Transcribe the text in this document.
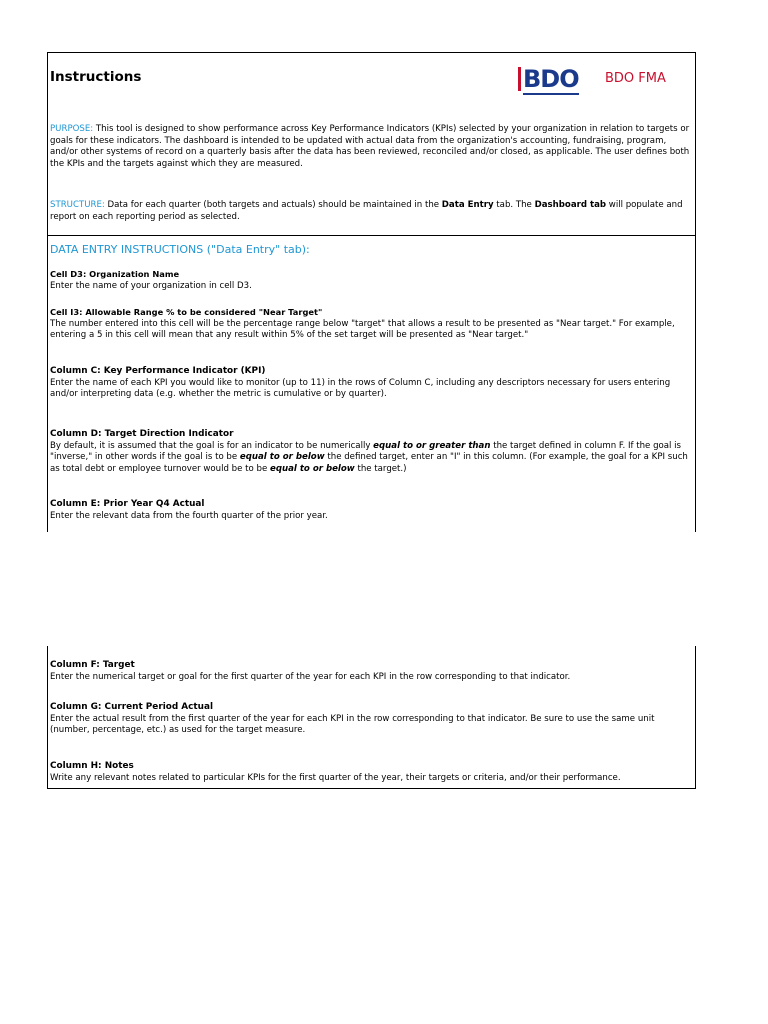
Instructions	BDO BDO FMA
PURPOSE: This tool is designed to show performance across Key Performance Indicators (KPIs) selected by your organization in relation to targets or goals for these indicators. The dashboard is intended to be updated with actual data from the organization's accounting, fundraising, program, and/or other systems of record on a quarterly basis after the data has been reviewed, reconciled and/or closed, as applicable. The user defines both the KPIs and the targets against which they are measured.
STRUCTURE: Data for each quarter (both targets and actuals) should be maintained in the Data Entry tab. The Dashboard tab will populate and report on each reporting period as selected.
DATA ENTRY INSTRUCTIONS ("Data Entry" tab):
Cell D3: Organization Name
Enter the name of your organization in cell D3.
Cell I3: Allowable Range % to be considered "Near Target"
The number entered into this cell will be the percentage range below "target" that allows a result to be presented as "Near target." For example, entering a 5 in this cell will mean that any result within 5% of the set target will be presented as "Near target."
Column C: Key Performance Indicator (KPI)
Enter the name of each KPI you would like to monitor (up to 11) in the rows of Column C, including any descriptors necessary for users entering and/or interpreting data (e.g. whether the metric is cumulative or by quarter).
Column D: Target Direction Indicator
By default, it is assumed that the goal is for an indicator to be numerically equal to or greater than the target defined in column F. If the goal is "inverse," in other words if the goal is to be equal to or below the defined target, enter an "I" in this column. (For example, the goal for a KPI such as total debt or employee turnover would be to be equal to or below the target.)
Column E: Prior Year Q4 Actual
Enter the relevant data from the fourth quarter of the prior year.
Column F: Target
Enter the numerical target or goal for the first quarter of the year for each KPI in the row corresponding to that indicator.
Column G: Current Period Actual
Enter the actual result from the first quarter of the year for each KPI in the row corresponding to that indicator. Be sure to use the same unit (number, percentage, etc.) as used for the target measure.
Column H: Notes
Write any relevant notes related to particular KPIs for the first quarter of the year, their targets or criteria, and/or their performance.
